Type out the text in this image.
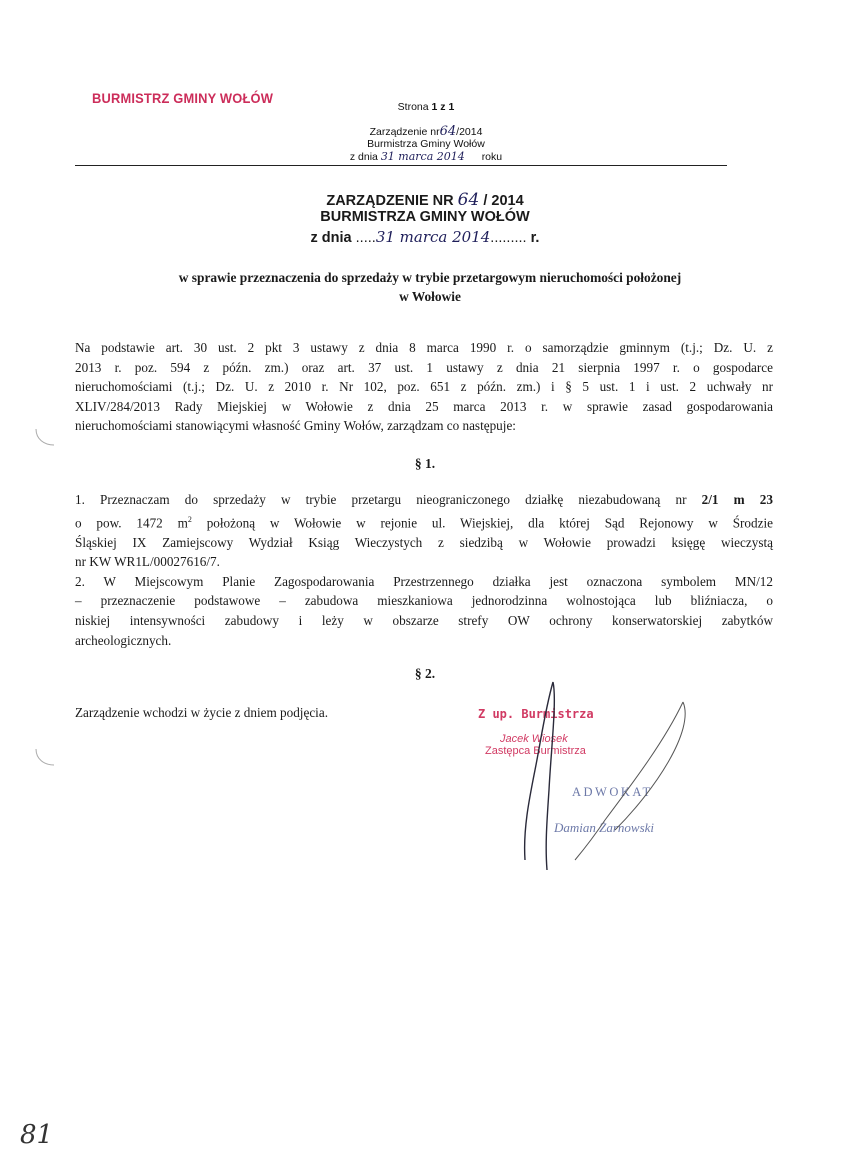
BURMISTRZ GMINY WOŁÓW
Strona 1 z 1
Zarządzenie nr64/2014
Burmistrza Gminy Wołów
z dnia 31 marca 2014 roku
ZARZĄDZENIE NR 64 / 2014
BURMISTRZA GMINY WOŁÓW
z dnia .....31 marca 2014......... r.
w sprawie przeznaczenia do sprzedaży w trybie przetargowym nieruchomości położonej
w Wołowie
Na podstawie art. 30 ust. 2 pkt 3 ustawy z dnia 8 marca 1990 r. o samorządzie gminnym (t.j.; Dz. U. z
2013 r. poz. 594 z późn. zm.) oraz art. 37 ust. 1 ustawy z dnia 21 sierpnia 1997 r. o gospodarce
nieruchomościami (t.j.; Dz. U. z 2010 r. Nr 102, poz. 651 z późn. zm.) i § 5 ust. 1 i ust. 2 uchwały nr
XLIV/284/2013 Rady Miejskiej w Wołowie z dnia 25 marca 2013 r. w sprawie zasad gospodarowania
nieruchomościami stanowiącymi własność Gminy Wołów, zarządzam co następuje:
§ 1.
1. Przeznaczam do sprzedaży w trybie przetargu nieograniczonego działkę niezabudowaną nr 2/1 m 23
o pow. 1472 $m^2$ położoną w Wołowie w rejonie ul. Wiejskiej, dla której Sąd Rejonowy w Środzie
Śląskiej IX Zamiejscowy Wydział Ksiąg Wieczystych z siedzibą w Wołowie prowadzi księgę wieczystą
nr KW WR1L/00027616/7.
2. W Miejscowym Planie Zagospodarowania Przestrzennego działka jest oznaczona symbolem MN/12
– przeznaczenie podstawowe – zabudowa mieszkaniowa jednorodzinna wolnostojąca lub bliźniacza, o
niskiej intensywności zabudowy i leży w obszarze strefy OW ochrony konserwatorskiej zabytków
archeologicznych.
§ 2.
Zarządzenie wchodzi w życie z dniem podjęcia.	Z up. Burmistrza
Jacek Wiosek
Zastępca Burmistrza
ADWOKAT
Damian Żarnowski
81
